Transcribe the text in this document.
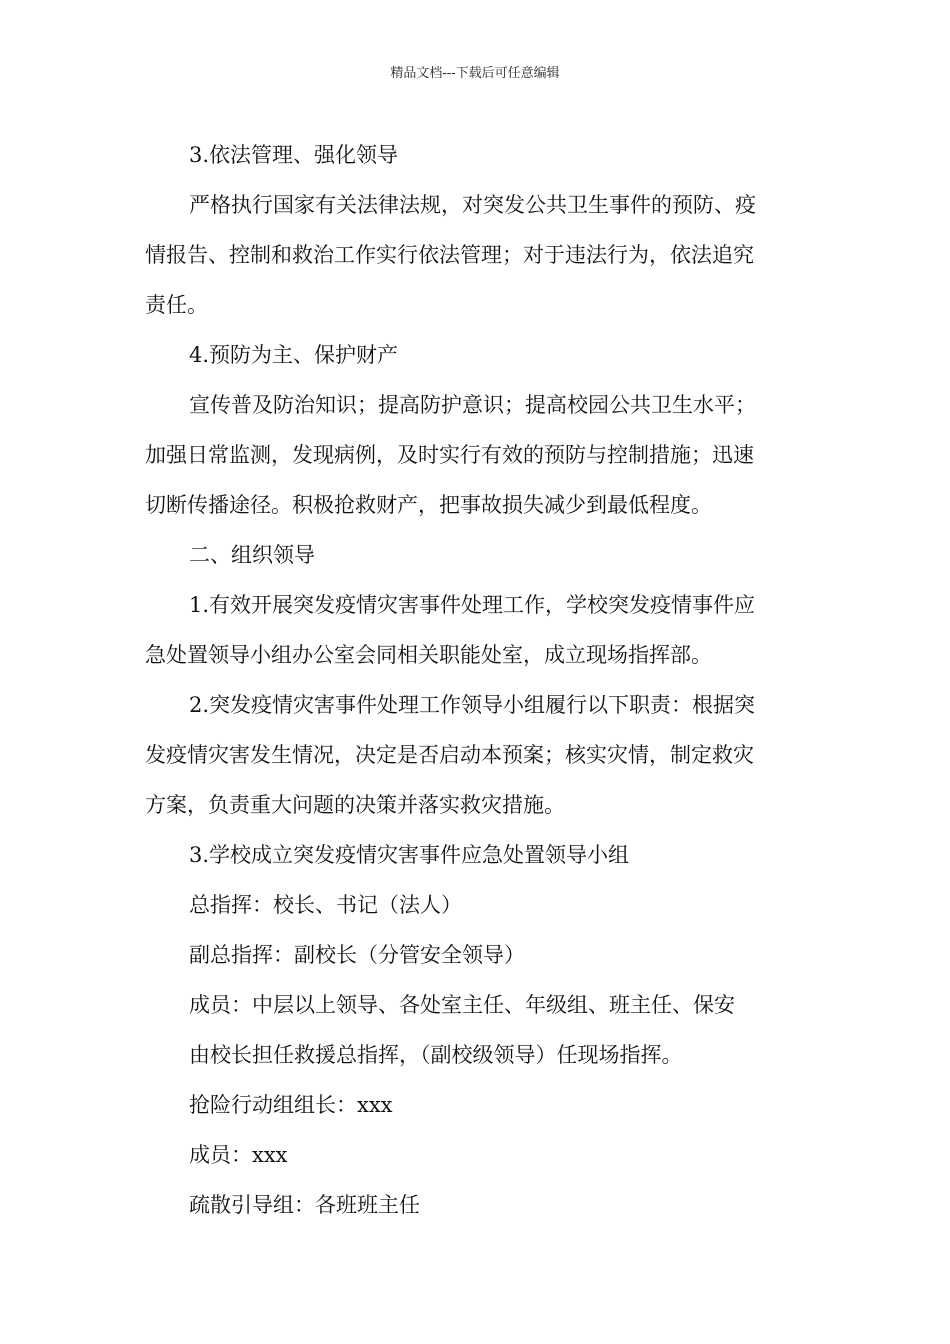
精品文档---下载后可任意编辑
3.依法管理、强化领导
严格执行国家有关法律法规，对突发公共卫生事件的预防、疫
情报告、控制和救治工作实行依法管理；对于违法行为，依法追究
责任。
4.预防为主、保护财产
宣传普及防治知识；提高防护意识；提高校园公共卫生水平；
加强日常监测，发现病例，及时实行有效的预防与控制措施；迅速
切断传播途径。积极抢救财产，把事故损失减少到最低程度。
二、组织领导
1.有效开展突发疫情灾害事件处理工作，学校突发疫情事件应
急处置领导小组办公室会同相关职能处室，成立现场指挥部。
2.突发疫情灾害事件处理工作领导小组履行以下职责：根据突
发疫情灾害发生情况，决定是否启动本预案；核实灾情，制定救灾
方案，负责重大问题的决策并落实救灾措施。
3.学校成立突发疫情灾害事件应急处置领导小组
总指挥：校长、书记（法人）
副总指挥：副校长（分管安全领导）
成员：中层以上领导、各处室主任、年级组、班主任、保安
由校长担任救援总指挥，（副校级领导）任现场指挥。
抢险行动组组长：xxx
成员：xxx
疏散引导组：各班班主任
